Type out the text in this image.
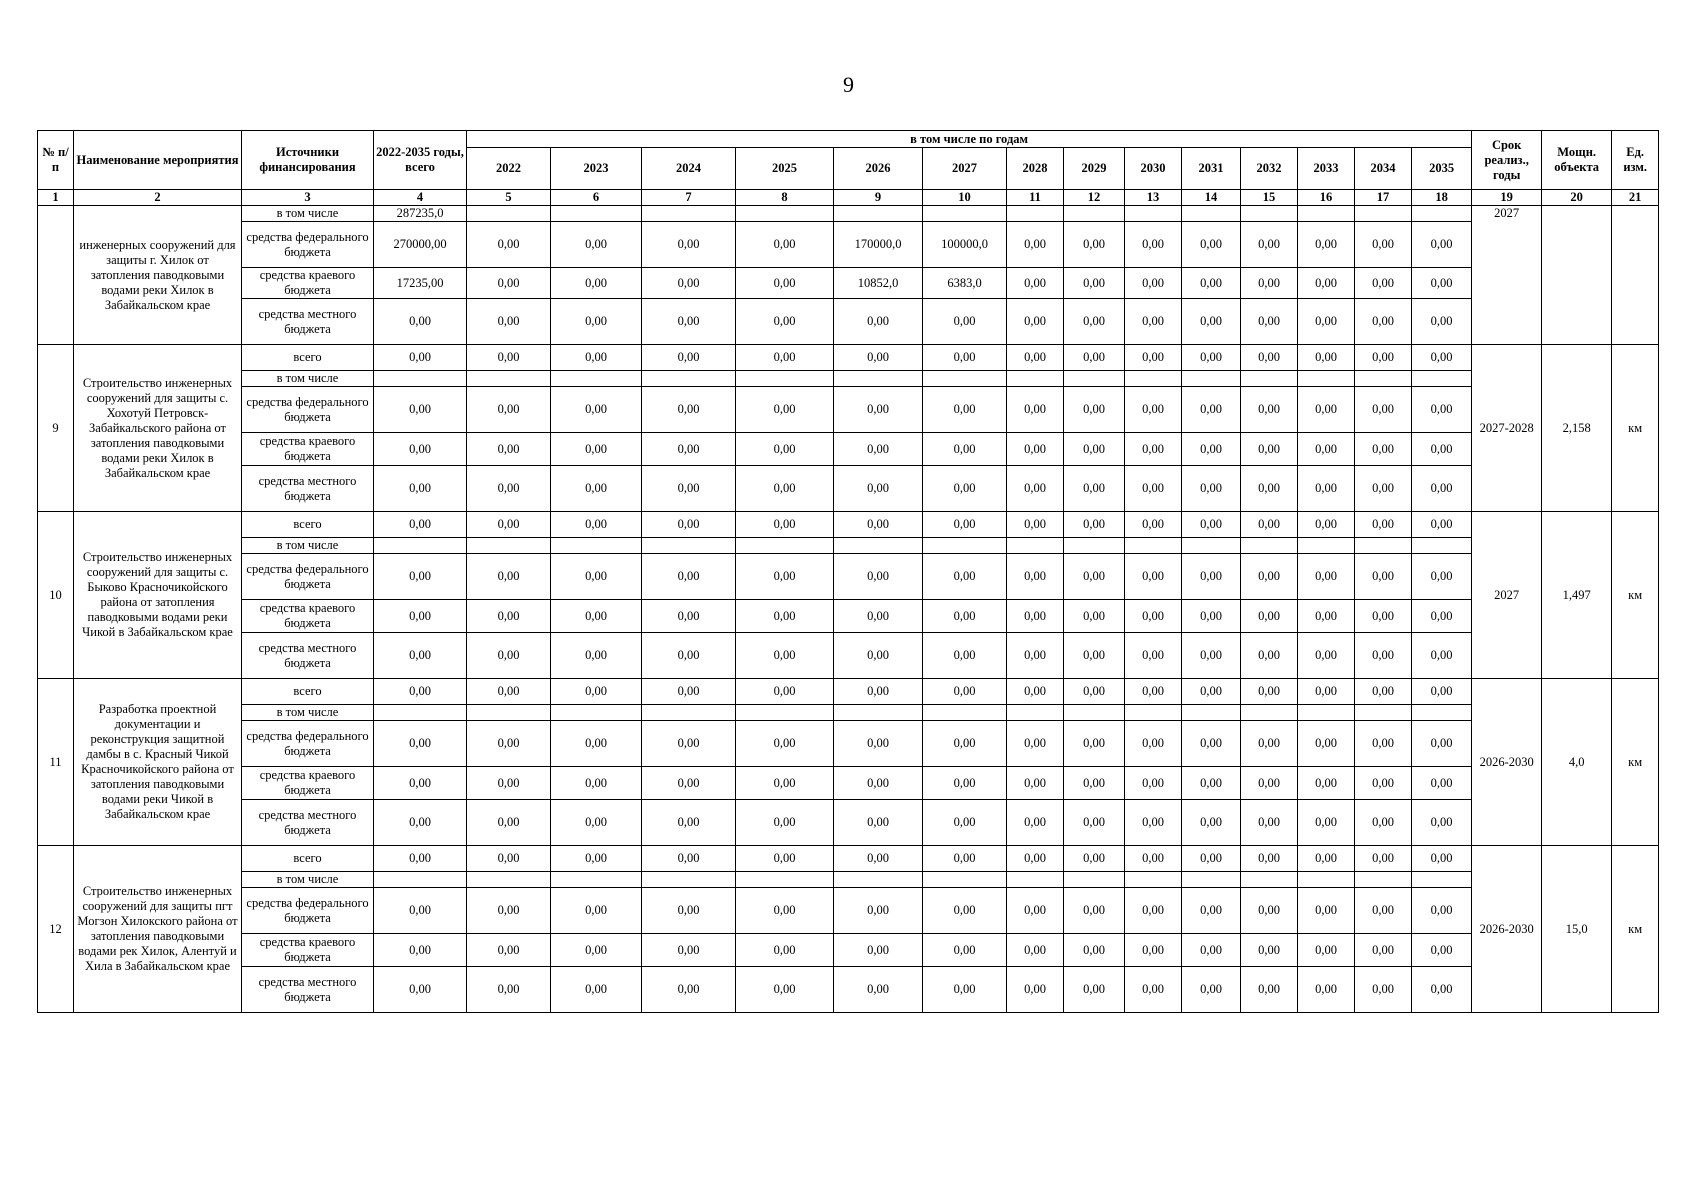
9
№ п/п	Наименование мероприятия	Источники финансирования	2022-2035 годы, всего	в том числе по годам														Срок реализ., годы	Мощн. объекта	Ед. изм.
				2022	2023	2024	2025	2026	2027	2028	2029	2030	2031	2032	2033	2034	2035			
1	2	3	4	5	6	7	8	9	10	11	12	13	14	15	16	17	18	19	20	21
	инженерных сооружений для защиты г. Хилок от затопления паводковыми водами реки Хилок в Забайкальском крае	в том числе	287235,0															2027		
		средства федерального бюджета	270000,00	0,00	0,00	0,00	0,00	170000,0	100000,0	0,00	0,00	0,00	0,00	0,00	0,00	0,00	0,00			
		средства краевого бюджета	17235,00	0,00	0,00	0,00	0,00	10852,0	6383,0	0,00	0,00	0,00	0,00	0,00	0,00	0,00	0,00			
		средства местного бюджета	0,00	0,00	0,00	0,00	0,00	0,00	0,00	0,00	0,00	0,00	0,00	0,00	0,00	0,00	0,00			
9	Строительство инженерных сооружений для защиты с. Хохотуй Петровск-Забайкальского района от затопления паводковыми водами реки Хилок в Забайкальском крае	всего	0,00	0,00	0,00	0,00	0,00	0,00	0,00	0,00	0,00	0,00	0,00	0,00	0,00	0,00	0,00	2027-2028	2,158	км
		в том числе																		
		средства федерального бюджета	0,00	0,00	0,00	0,00	0,00	0,00	0,00	0,00	0,00	0,00	0,00	0,00	0,00	0,00	0,00			
		средства краевого бюджета	0,00	0,00	0,00	0,00	0,00	0,00	0,00	0,00	0,00	0,00	0,00	0,00	0,00	0,00	0,00			
		средства местного бюджета	0,00	0,00	0,00	0,00	0,00	0,00	0,00	0,00	0,00	0,00	0,00	0,00	0,00	0,00	0,00			
10	Строительство инженерных сооружений для защиты с. Быково Красночикойского района от затопления паводковыми водами реки Чикой в Забайкальском крае	всего	0,00	0,00	0,00	0,00	0,00	0,00	0,00	0,00	0,00	0,00	0,00	0,00	0,00	0,00	0,00	2027	1,497	км
		в том числе																		
		средства федерального бюджета	0,00	0,00	0,00	0,00	0,00	0,00	0,00	0,00	0,00	0,00	0,00	0,00	0,00	0,00	0,00			
		средства краевого бюджета	0,00	0,00	0,00	0,00	0,00	0,00	0,00	0,00	0,00	0,00	0,00	0,00	0,00	0,00	0,00			
		средства местного бюджета	0,00	0,00	0,00	0,00	0,00	0,00	0,00	0,00	0,00	0,00	0,00	0,00	0,00	0,00	0,00			
11	Разработка проектной документации и реконструкция защитной дамбы в с. Красный Чикой Красночикойского района от затопления паводковыми водами реки Чикой в Забайкальском крае	всего	0,00	0,00	0,00	0,00	0,00	0,00	0,00	0,00	0,00	0,00	0,00	0,00	0,00	0,00	0,00	2026-2030	4,0	км
		в том числе																		
		средства федерального бюджета	0,00	0,00	0,00	0,00	0,00	0,00	0,00	0,00	0,00	0,00	0,00	0,00	0,00	0,00	0,00			
		средства краевого бюджета	0,00	0,00	0,00	0,00	0,00	0,00	0,00	0,00	0,00	0,00	0,00	0,00	0,00	0,00	0,00			
		средства местного бюджета	0,00	0,00	0,00	0,00	0,00	0,00	0,00	0,00	0,00	0,00	0,00	0,00	0,00	0,00	0,00			
12	Строительство инженерных сооружений для защиты пгт Могзон Хилокского района от затопления паводковыми водами рек Хилок, Алентуй и Хила в Забайкальском крае	всего	0,00	0,00	0,00	0,00	0,00	0,00	0,00	0,00	0,00	0,00	0,00	0,00	0,00	0,00	0,00	2026-2030	15,0	км
		в том числе																		
		средства федерального бюджета	0,00	0,00	0,00	0,00	0,00	0,00	0,00	0,00	0,00	0,00	0,00	0,00	0,00	0,00	0,00			
		средства краевого бюджета	0,00	0,00	0,00	0,00	0,00	0,00	0,00	0,00	0,00	0,00	0,00	0,00	0,00	0,00	0,00			
		средства местного бюджета	0,00	0,00	0,00	0,00	0,00	0,00	0,00	0,00	0,00	0,00	0,00	0,00	0,00	0,00	0,00			
